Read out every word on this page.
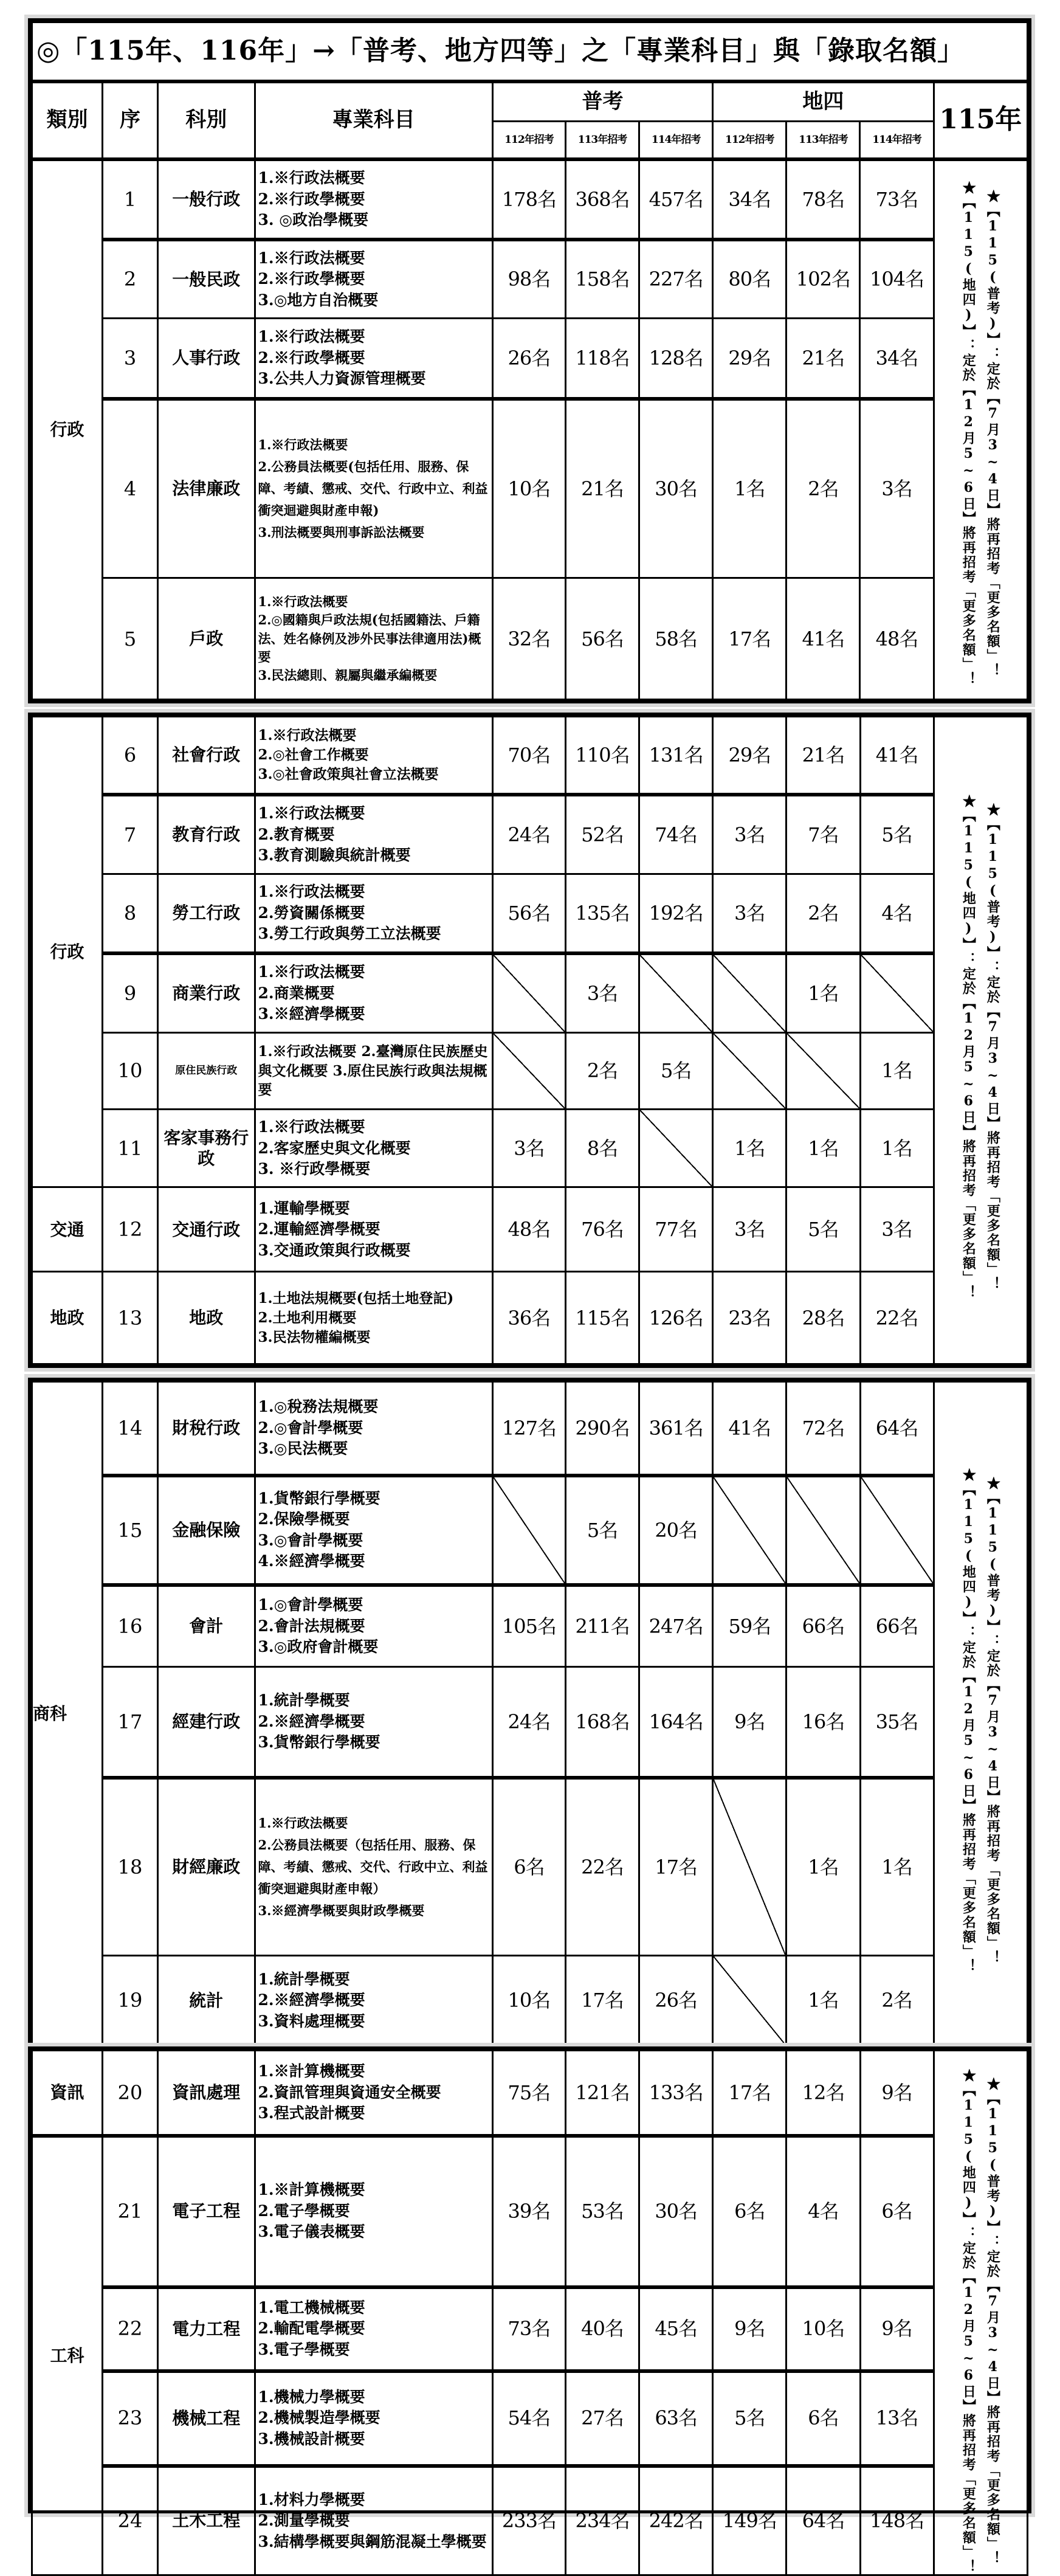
◎「115年、116年」→「普考、地方四等」之「專業科目」與「錄取名額」										
類別	序	科別	專業科目	普考			地四			115年
				112年招考	113年招考	114年招考	112年招考	113年招考	114年招考	
行政	1	一般行政	1.※行政法概要
2.※行政學概要
3. ◎政治學概要	178名	368名	457名	34名	78名	73名	★【115(地四)】：定於【12月5~6日】將再招考「更多名額」！ ★【115(普考)】：定於【7月3~4日】將再招考「更多名額」！

	2	一般民政	1.※行政法概要
2.※行政學概要
3.◎地方自治概要	98名	158名	227名	80名	102名	104名	
	3	人事行政	1.※行政法概要
2.※行政學概要
3.公共人力資源管理概要	26名	118名	128名	29名	21名	34名	
	4	法律廉政	1.※行政法概要
2.公務員法概要(包括任用、服務、保障、考績、懲戒、交代、行政中立、利益衝突迴避與財產申報)
3.刑法概要與刑事訴訟法概要	10名	21名	30名	1名	2名	3名	
	5	戶政	1.※行政法概要
2.◎國籍與戶政法規(包括國籍法、戶籍法、姓名條例及涉外民事法律適用法)概要
3.民法總則、親屬與繼承編概要	32名	56名	58名	17名	41名	48名	
行政	6	社會行政	1.※行政法概要
2.◎社會工作概要
3.◎社會政策與社會立法概要	70名	110名	131名	29名	21名	41名	★【115(地四)】：定於【12月5~6日】將再招考「更多名額」！ ★【115(普考)】：定於【7月3~4日】將再招考「更多名額」！

	7	教育行政	1.※行政法概要
2.教育概要
3.教育測驗與統計概要	24名	52名	74名	3名	7名	5名	
	8	勞工行政	1.※行政法概要
2.勞資關係概要
3.勞工行政與勞工立法概要	56名	135名	192名	3名	2名	4名	
	9	商業行政	1.※行政法概要
2.商業概要
3.※經濟學概要		3名			1名		
	10	原住民族行政	1.※行政法概要 2.臺灣原住民族歷史與文化概要 3.原住民族行政與法規概要		2名	5名			1名	
	11	客家事務行政	1.※行政法概要
2.客家歷史與文化概要
3. ※行政學概要	3名	8名		1名	1名	1名	
交通	12	交通行政	1.運輸學概要
2.運輸經濟學概要
3.交通政策與行政概要	48名	76名	77名	3名	5名	3名	
地政	13	地政	1.土地法規概要(包括土地登記)
2.土地利用概要
3.民法物權編概要	36名	115名	126名	23名	28名	22名	
商科	14	財稅行政	1.◎稅務法規概要
2.◎會計學概要
3.◎民法概要	127名	290名	361名	41名	72名	64名	★【115(地四)】：定於【12月5~6日】將再招考「更多名額」！ ★【115(普考)】：定於【7月3~4日】將再招考「更多名額」！

	15	金融保險	1.貨幣銀行學概要
2.保險學概要
3.◎會計學概要
4.※經濟學概要		5名	20名				
	16	會計	1.◎會計學概要
2.會計法規概要
3.◎政府會計概要	105名	211名	247名	59名	66名	66名	
	17	經建行政	1.統計學概要
2.※經濟學概要
3.貨幣銀行學概要	24名	168名	164名	9名	16名	35名	
	18	財經廉政	1.※行政法概要
2.公務員法概要（包括任用、服務、保障、考績、懲戒、交代、行政中立、利益衝突迴避與財產申報）
3.※經濟學概要與財政學概要	6名	22名	17名		1名	1名	
	19	統計	1.統計學概要
2.※經濟學概要
3.資料處理概要	10名	17名	26名		1名	2名	
資訊	20	資訊處理	1.※計算機概要
2.資訊管理與資通安全概要
3.程式設計概要	75名	121名	133名	17名	12名	9名	★【115(地四)】：定於【12月5~6日】將再招考「更多名額」！ ★【115(普考)】：定於【7月3~4日】將再招考「更多名額」！

工科	21	電子工程	1.※計算機概要
2.電子學概要
3.電子儀表概要	39名	53名	30名	6名	4名	6名	
	22	電力工程	1.電工機械概要
2.輸配電學概要
3.電子學概要	73名	40名	45名	9名	10名	9名	
	23	機械工程	1.機械力學概要
2.機械製造學概要
3.機械設計概要	54名	27名	63名	5名	6名	13名	
	24	土木工程	1.材料力學概要
2.測量學概要
3.結構學概要與鋼筋混凝土學概要	233名	234名	242名	149名	64名	148名	
